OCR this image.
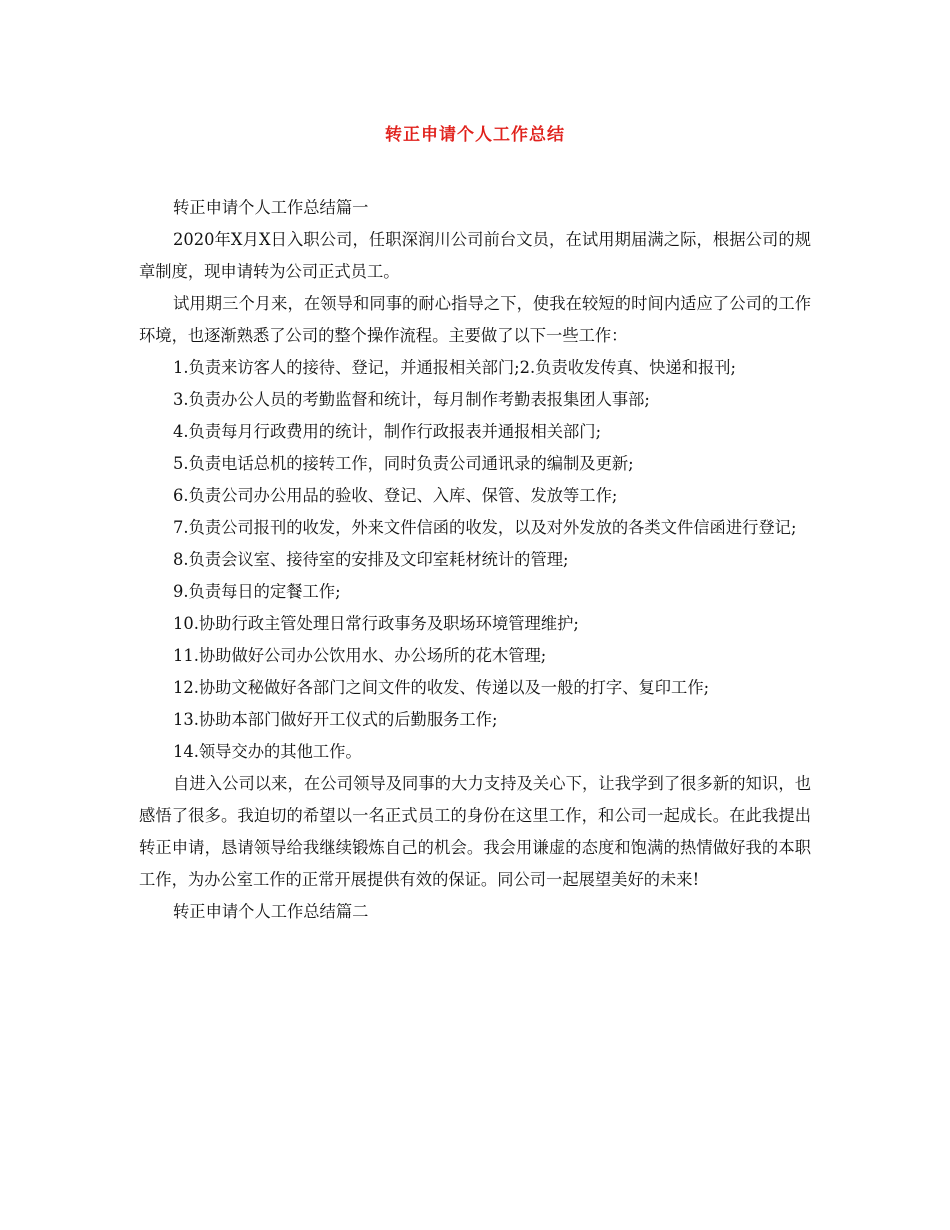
转正申请个人工作总结

转正申请个人工作总结篇一

2020年X月X日入职公司，任职深润川公司前台文员，在试用期届满之际，根据公司的规章制度，现申请转为公司正式员工。

试用期三个月来，在领导和同事的耐心指导之下，使我在较短的时间内适应了公司的工作环境，也逐渐熟悉了公司的整个操作流程。主要做了以下一些工作：

1.负责来访客人的接待、登记，并通报相关部门;2.负责收发传真、快递和报刊;

3.负责办公人员的考勤监督和统计，每月制作考勤表报集团人事部;

4.负责每月行政费用的统计，制作行政报表并通报相关部门;

5.负责电话总机的接转工作，同时负责公司通讯录的编制及更新;

6.负责公司办公用品的验收、登记、入库、保管、发放等工作;

7.负责公司报刊的收发，外来文件信函的收发，以及对外发放的各类文件信函进行登记;

8.负责会议室、接待室的安排及文印室耗材统计的管理;

9.负责每日的定餐工作;

10.协助行政主管处理日常行政事务及职场环境管理维护;

11.协助做好公司办公饮用水、办公场所的花木管理;

12.协助文秘做好各部门之间文件的收发、传递以及一般的打字、复印工作;

13.协助本部门做好开工仪式的后勤服务工作;

14.领导交办的其他工作。

自进入公司以来，在公司领导及同事的大力支持及关心下，让我学到了很多新的知识，也感悟了很多。我迫切的希望以一名正式员工的身份在这里工作，和公司一起成长。在此我提出转正申请，恳请领导给我继续锻炼自己的机会。我会用谦虚的态度和饱满的热情做好我的本职工作，为办公室工作的正常开展提供有效的保证。同公司一起展望美好的未来!

转正申请个人工作总结篇二
